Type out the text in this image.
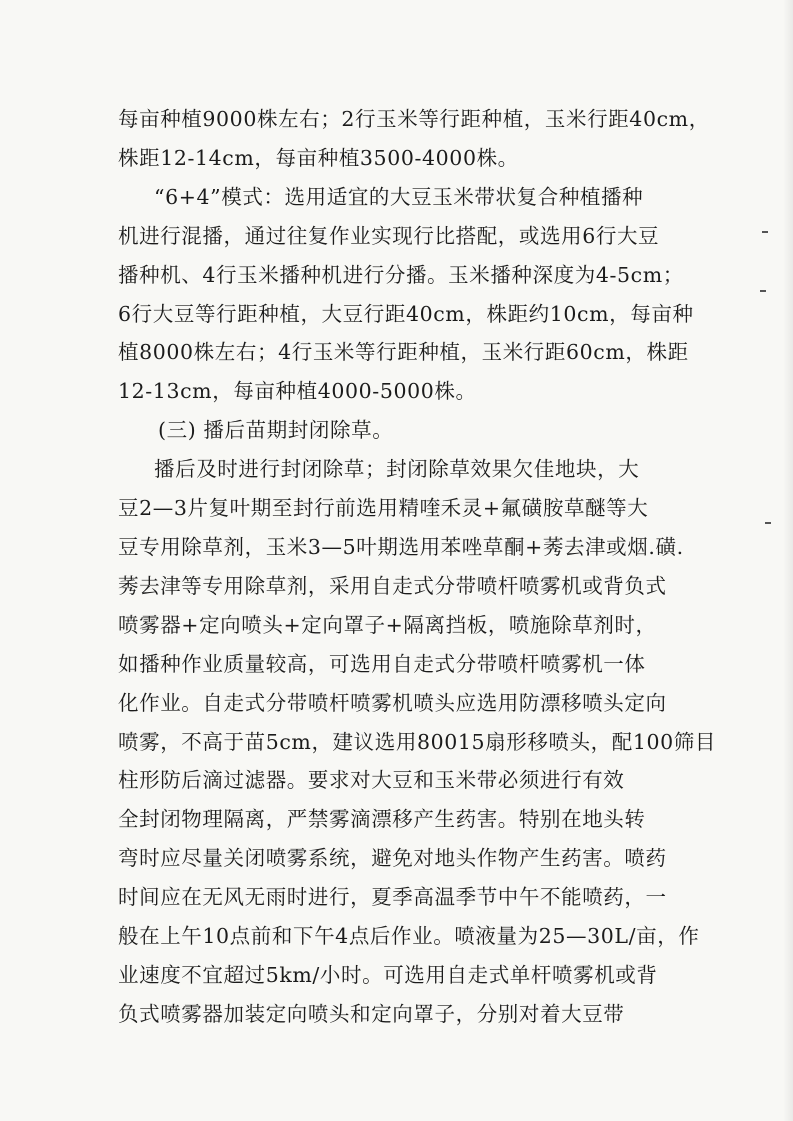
每亩种植9000株左右；2行玉米等行距种植，玉米行距40cm，
株距12-14cm，每亩种植3500-4000株。
“6+4”模式：选用适宜的大豆玉米带状复合种植播种
机进行混播，通过往复作业实现行比搭配，或选用6行大豆
播种机、4行玉米播种机进行分播。玉米播种深度为4-5cm；
6行大豆等行距种植，大豆行距40cm，株距约10cm，每亩种
植8000株左右；4行玉米等行距种植，玉米行距60cm，株距
12-13cm，每亩种植4000-5000株。
(三) 播后苗期封闭除草。
播后及时进行封闭除草；封闭除草效果欠佳地块，大
豆2—3片复叶期至封行前选用精喹禾灵+氟磺胺草醚等大
豆专用除草剂，玉米3—5叶期选用苯唑草酮+莠去津或烟.磺.
莠去津等专用除草剂，采用自走式分带喷杆喷雾机或背负式
喷雾器+定向喷头+定向罩子+隔离挡板，喷施除草剂时，
如播种作业质量较高，可选用自走式分带喷杆喷雾机一体
化作业。自走式分带喷杆喷雾机喷头应选用防漂移喷头定向
喷雾，不高于苗5cm，建议选用80015扇形移喷头，配100筛目
柱形防后滴过滤器。要求对大豆和玉米带必须进行有效
全封闭物理隔离，严禁雾滴漂移产生药害。特别在地头转
弯时应尽量关闭喷雾系统，避免对地头作物产生药害。喷药
时间应在无风无雨时进行，夏季高温季节中午不能喷药，一
般在上午10点前和下午4点后作业。喷液量为25—30L/亩，作
业速度不宜超过5km/小时。可选用自走式单杆喷雾机或背
负式喷雾器加装定向喷头和定向罩子，分别对着大豆带
